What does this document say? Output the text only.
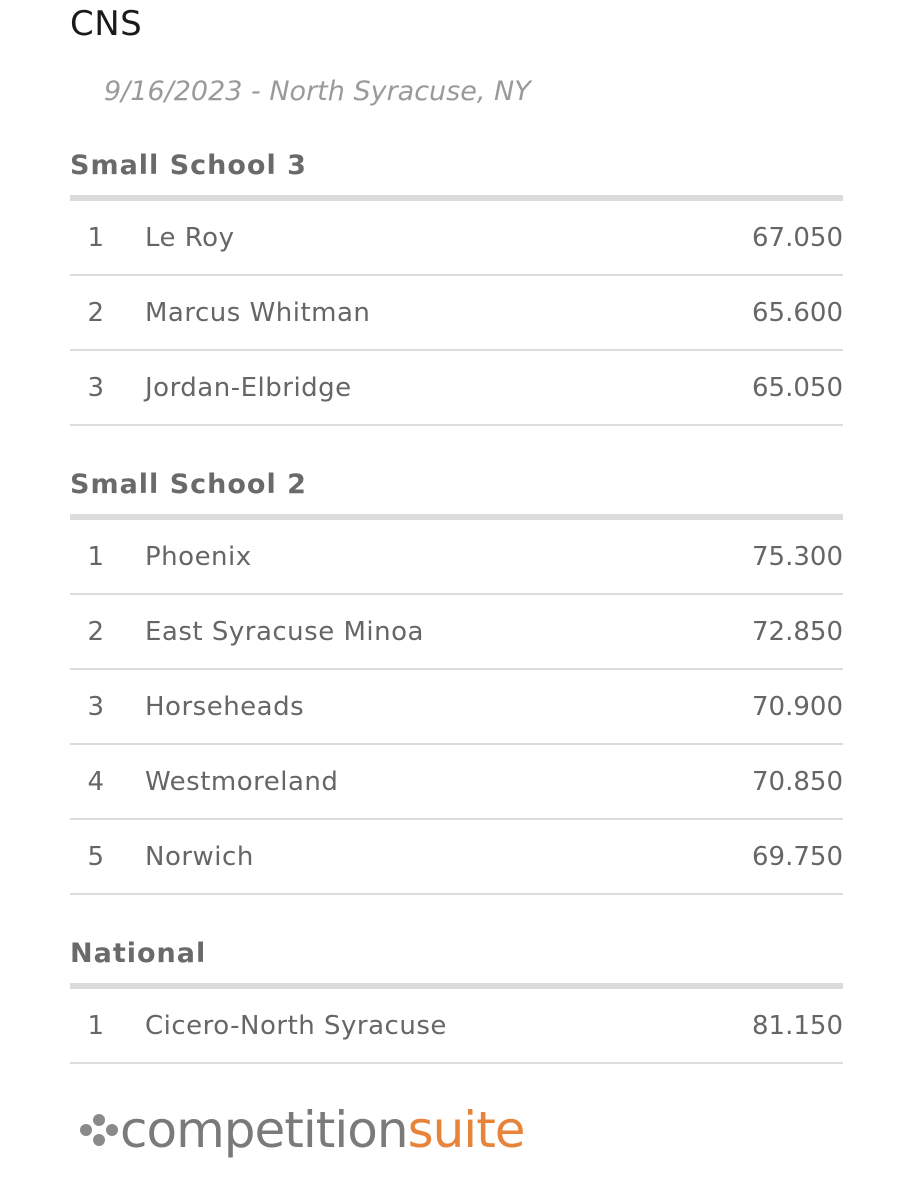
CNS
9/16/2023 - North Syracuse, NY
Small School 3
1 Le Roy	67.050
2 Marcus Whitman	65.600
3 Jordan-Elbridge	65.050
Small School 2
1 Phoenix	75.300
2 East Syracuse Minoa	72.850
3 Horseheads	70.900
4 Westmoreland	70.850
5 Norwich	69.750
National
1 Cicero-North Syracuse	81.150
competitionsuite
